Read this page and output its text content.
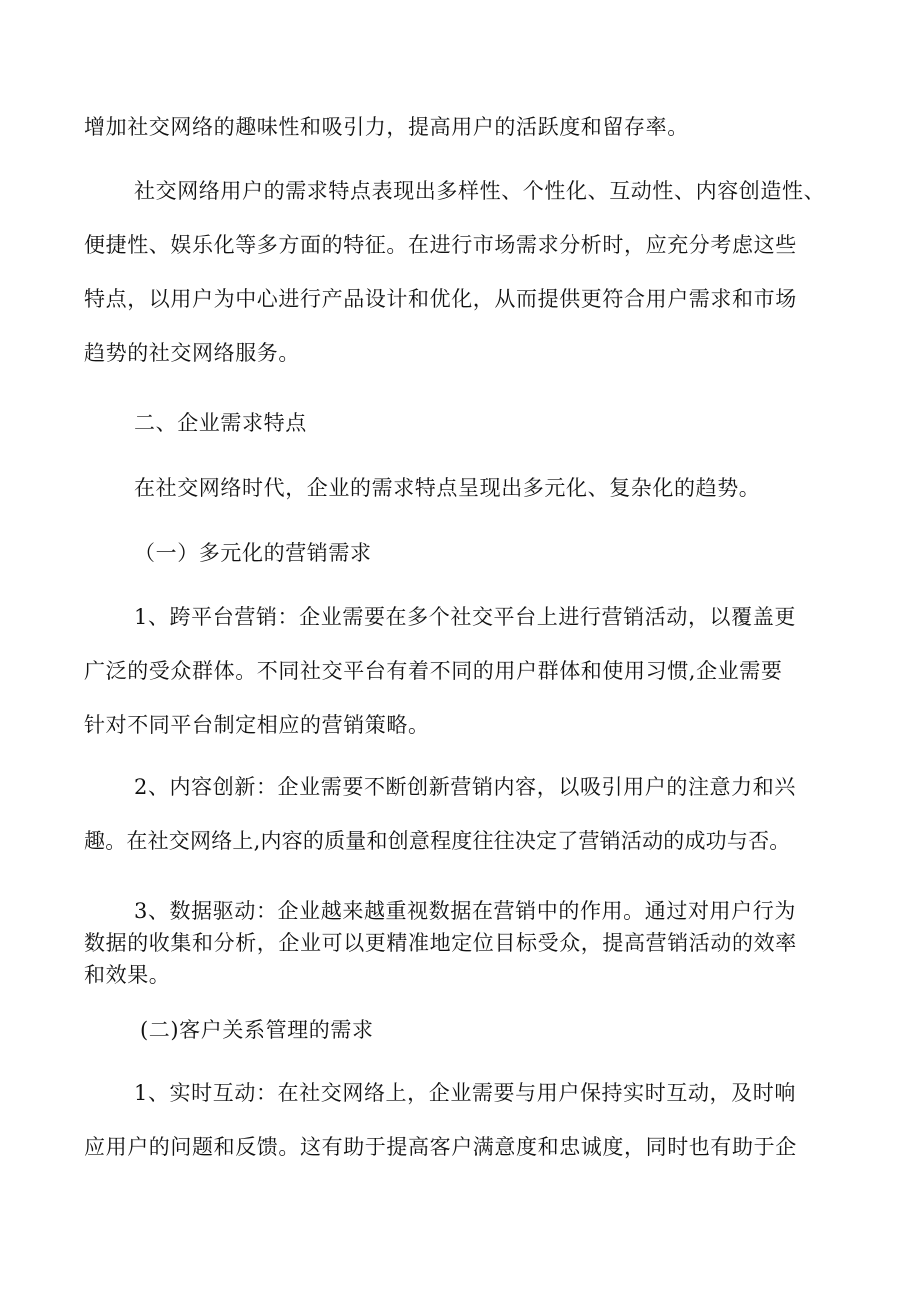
增加社交网络的趣味性和吸引力，提高用户的活跃度和留存率。
社交网络用户的需求特点表现出多样性、个性化、互动性、内容创造性、
便捷性、娱乐化等多方面的特征。在进行市场需求分析时，应充分考虑这些
特点，以用户为中心进行产品设计和优化，从而提供更符合用户需求和市场
趋势的社交网络服务。
二、企业需求特点
在社交网络时代，企业的需求特点呈现出多元化、复杂化的趋势。
（一）多元化的营销需求
1、跨平台营销：企业需要在多个社交平台上进行营销活动，以覆盖更
广泛的受众群体。不同社交平台有着不同的用户群体和使用习惯,企业需要
针对不同平台制定相应的营销策略。
2、内容创新：企业需要不断创新营销内容，以吸引用户的注意力和兴
趣。在社交网络上,内容的质量和创意程度往往决定了营销活动的成功与否。
3、数据驱动：企业越来越重视数据在营销中的作用。通过对用户行为
数据的收集和分析，企业可以更精准地定位目标受众，提高营销活动的效率
和效果。
(二)客户关系管理的需求
1、实时互动：在社交网络上，企业需要与用户保持实时互动，及时响
应用户的问题和反馈。这有助于提高客户满意度和忠诚度，同时也有助于企
